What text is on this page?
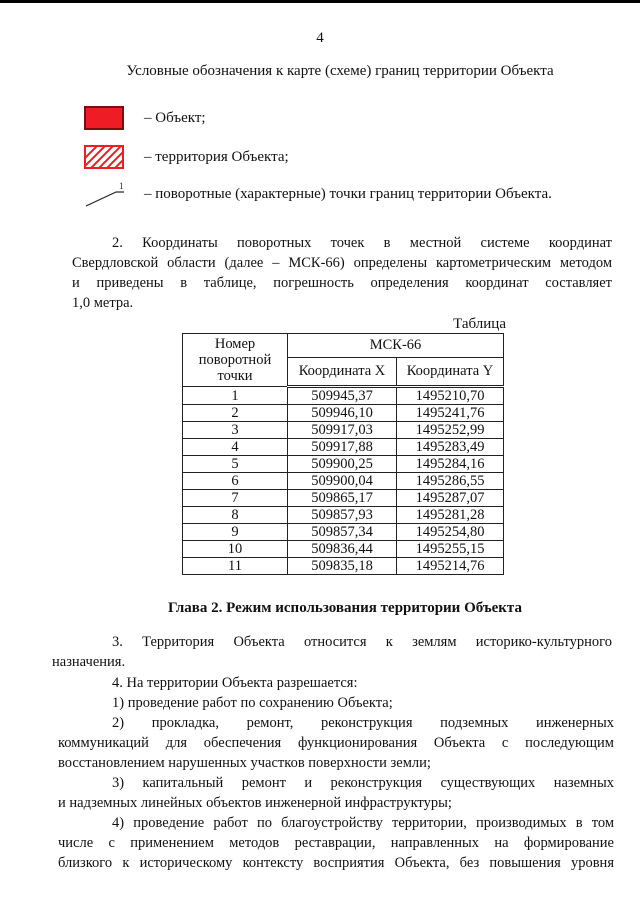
4
Условные обозначения к карте (схеме) границ территории Объекта
– Объект;
– территория Объекта;
1 – поворотные (характерные) точки границ территории Объекта.
2. Координаты поворотных точек в местной системе координат
Свердловской области (далее – МСК-66) определены картометрическим методом
и приведены в таблице, погрешность определения координат составляет
1,0 метра.
Таблица
Номер поворотной точки	МСК-66	
	Координата X	Координата Y
1	509945,37	1495210,70
2	509946,10	1495241,76
3	509917,03	1495252,99
4	509917,88	1495283,49
5	509900,25	1495284,16
6	509900,04	1495286,55
7	509865,17	1495287,07
8	509857,93	1495281,28
9	509857,34	1495254,80
10	509836,44	1495255,15
11	509835,18	1495214,76
Глава 2. Режим использования территории Объекта
3. Территория Объекта относится к землям историко-культурного
назначения.
4. На территории Объекта разрешается:
1) проведение работ по сохранению Объекта;
2) прокладка, ремонт, реконструкция подземных инженерных
коммуникаций для обеспечения функционирования Объекта с последующим
восстановлением нарушенных участков поверхности земли;
3) капитальный ремонт и реконструкция существующих наземных
и надземных линейных объектов инженерной инфраструктуры;
4) проведение работ по благоустройству территории, производимых в том
числе с применением методов реставрации, направленных на формирование
близкого к историческому контексту восприятия Объекта, без повышения уровня
